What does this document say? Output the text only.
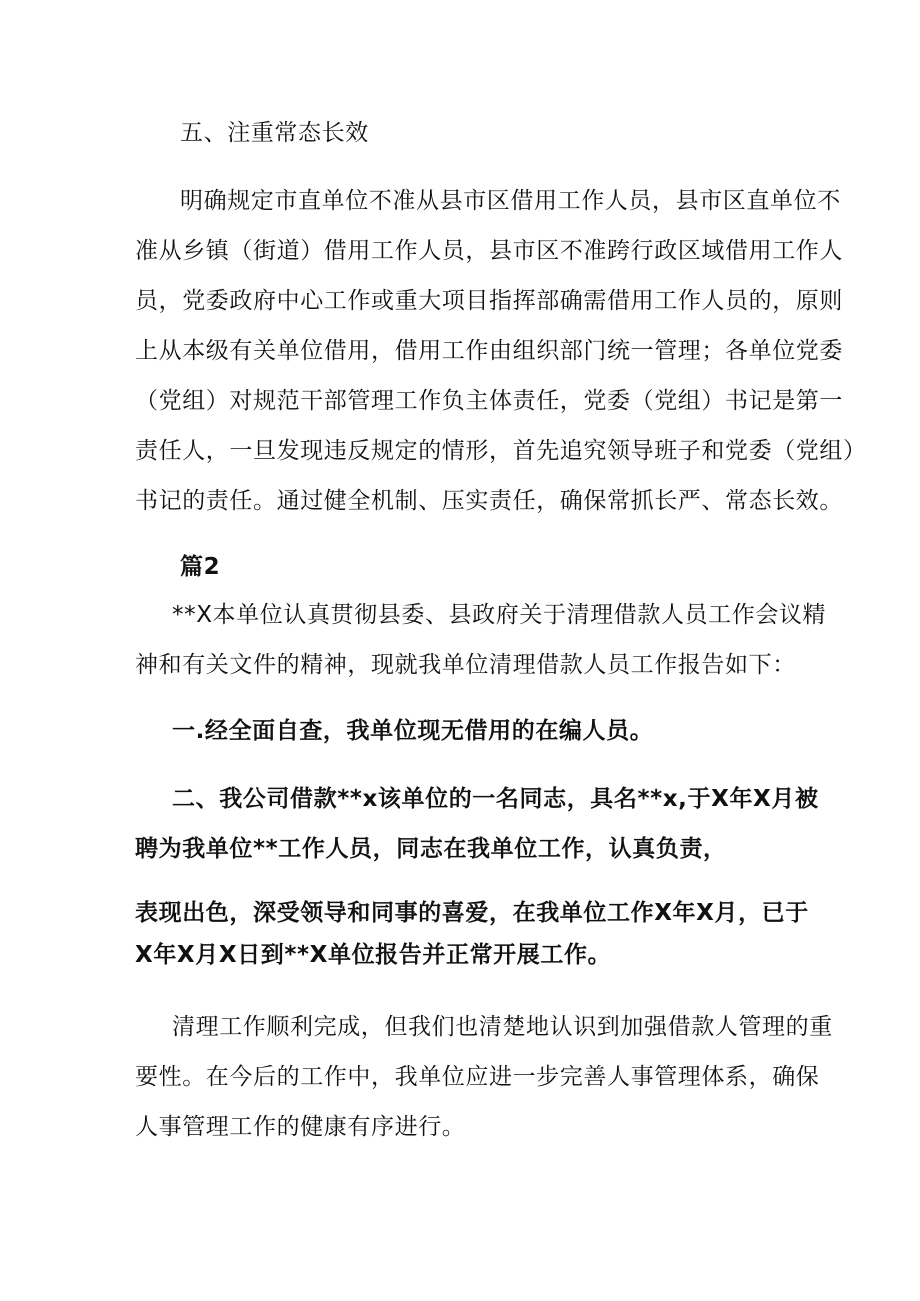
五、注重常态长效
明确规定市直单位不准从县市区借用工作人员，县市区直单位不
准从乡镇（街道）借用工作人员，县市区不准跨行政区域借用工作人
员，党委政府中心工作或重大项目指挥部确需借用工作人员的，原则
上从本级有关单位借用，借用工作由组织部门统一管理；各单位党委
（党组）对规范干部管理工作负主体责任，党委（党组）书记是第一
责任人，一旦发现违反规定的情形，首先追究领导班子和党委（党组）
书记的责任。通过健全机制、压实责任，确保常抓长严、常态长效。
篇2
**X本单位认真贯彻县委、县政府关于清理借款人员工作会议精
神和有关文件的精神，现就我单位清理借款人员工作报告如下：
一.经全面自查，我单位现无借用的在编人员。
二、我公司借款**x该单位的一名同志，具名**x,于X年X月被
聘为我单位**工作人员，同志在我单位工作，认真负责，
表现出色，深受领导和同事的喜爱，在我单位工作X年X月，已于
X年X月X日到**X单位报告并正常开展工作。
清理工作顺利完成，但我们也清楚地认识到加强借款人管理的重
要性。在今后的工作中，我单位应进一步完善人事管理体系，确保
人事管理工作的健康有序进行。
